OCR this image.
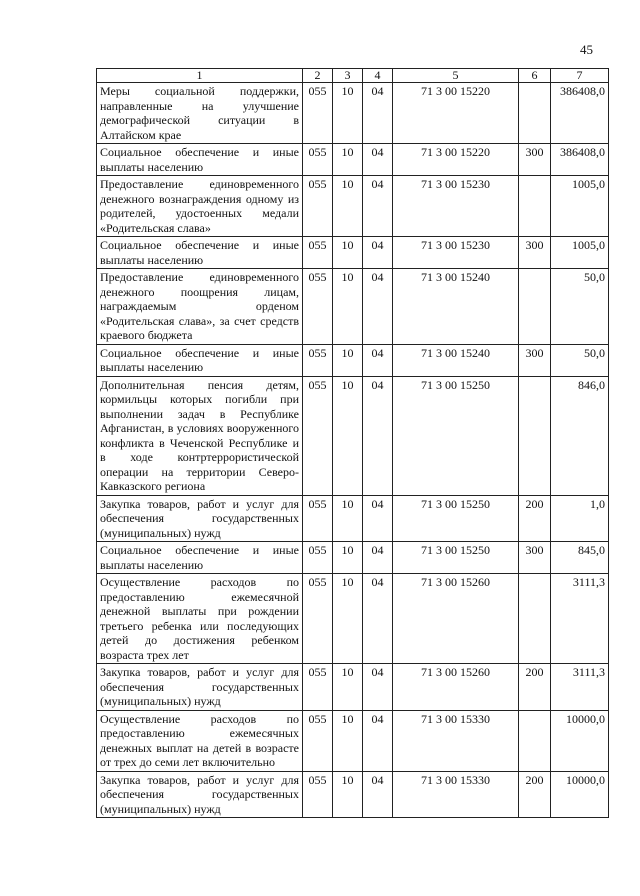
45
1	2	3	4	5	6	7
Меры социальной поддержки, направленные на улучшение демографической ситуации в Алтайском крае	055	10	04	71 3 00 15220		386408,0
Социальное обеспечение и иные выплаты населению	055	10	04	71 3 00 15220	300	386408,0
Предоставление единовременного денежного вознаграждения одному из родителей, удостоенных медали «Родительская слава»	055	10	04	71 3 00 15230		1005,0
Социальное обеспечение и иные выплаты населению	055	10	04	71 3 00 15230	300	1005,0
Предоставление единовременного денежного поощрения лицам, награждаемым орденом «Родительская слава», за счет средств краевого бюджета	055	10	04	71 3 00 15240		50,0
Социальное обеспечение и иные выплаты населению	055	10	04	71 3 00 15240	300	50,0
Дополнительная пенсия детям, кормильцы которых погибли при выполнении задач в Республике Афганистан, в условиях вооруженного конфликта в Чеченской Республике и в ходе контртеррористической операции на территории Северо-Кавказского региона	055	10	04	71 3 00 15250		846,0
Закупка товаров, работ и услуг для обеспечения государственных (муниципальных) нужд	055	10	04	71 3 00 15250	200	1,0
Социальное обеспечение и иные выплаты населению	055	10	04	71 3 00 15250	300	845,0
Осуществление расходов по предоставлению ежемесячной денежной выплаты при рождении третьего ребенка или последующих детей до достижения ребенком возраста трех лет	055	10	04	71 3 00 15260		3111,3
Закупка товаров, работ и услуг для обеспечения государственных (муниципальных) нужд	055	10	04	71 3 00 15260	200	3111,3
Осуществление расходов по предоставлению ежемесячных денежных выплат на детей в возрасте от трех до семи лет включительно	055	10	04	71 3 00 15330		10000,0
Закупка товаров, работ и услуг для обеспечения государственных (муниципальных) нужд	055	10	04	71 3 00 15330	200	10000,0
